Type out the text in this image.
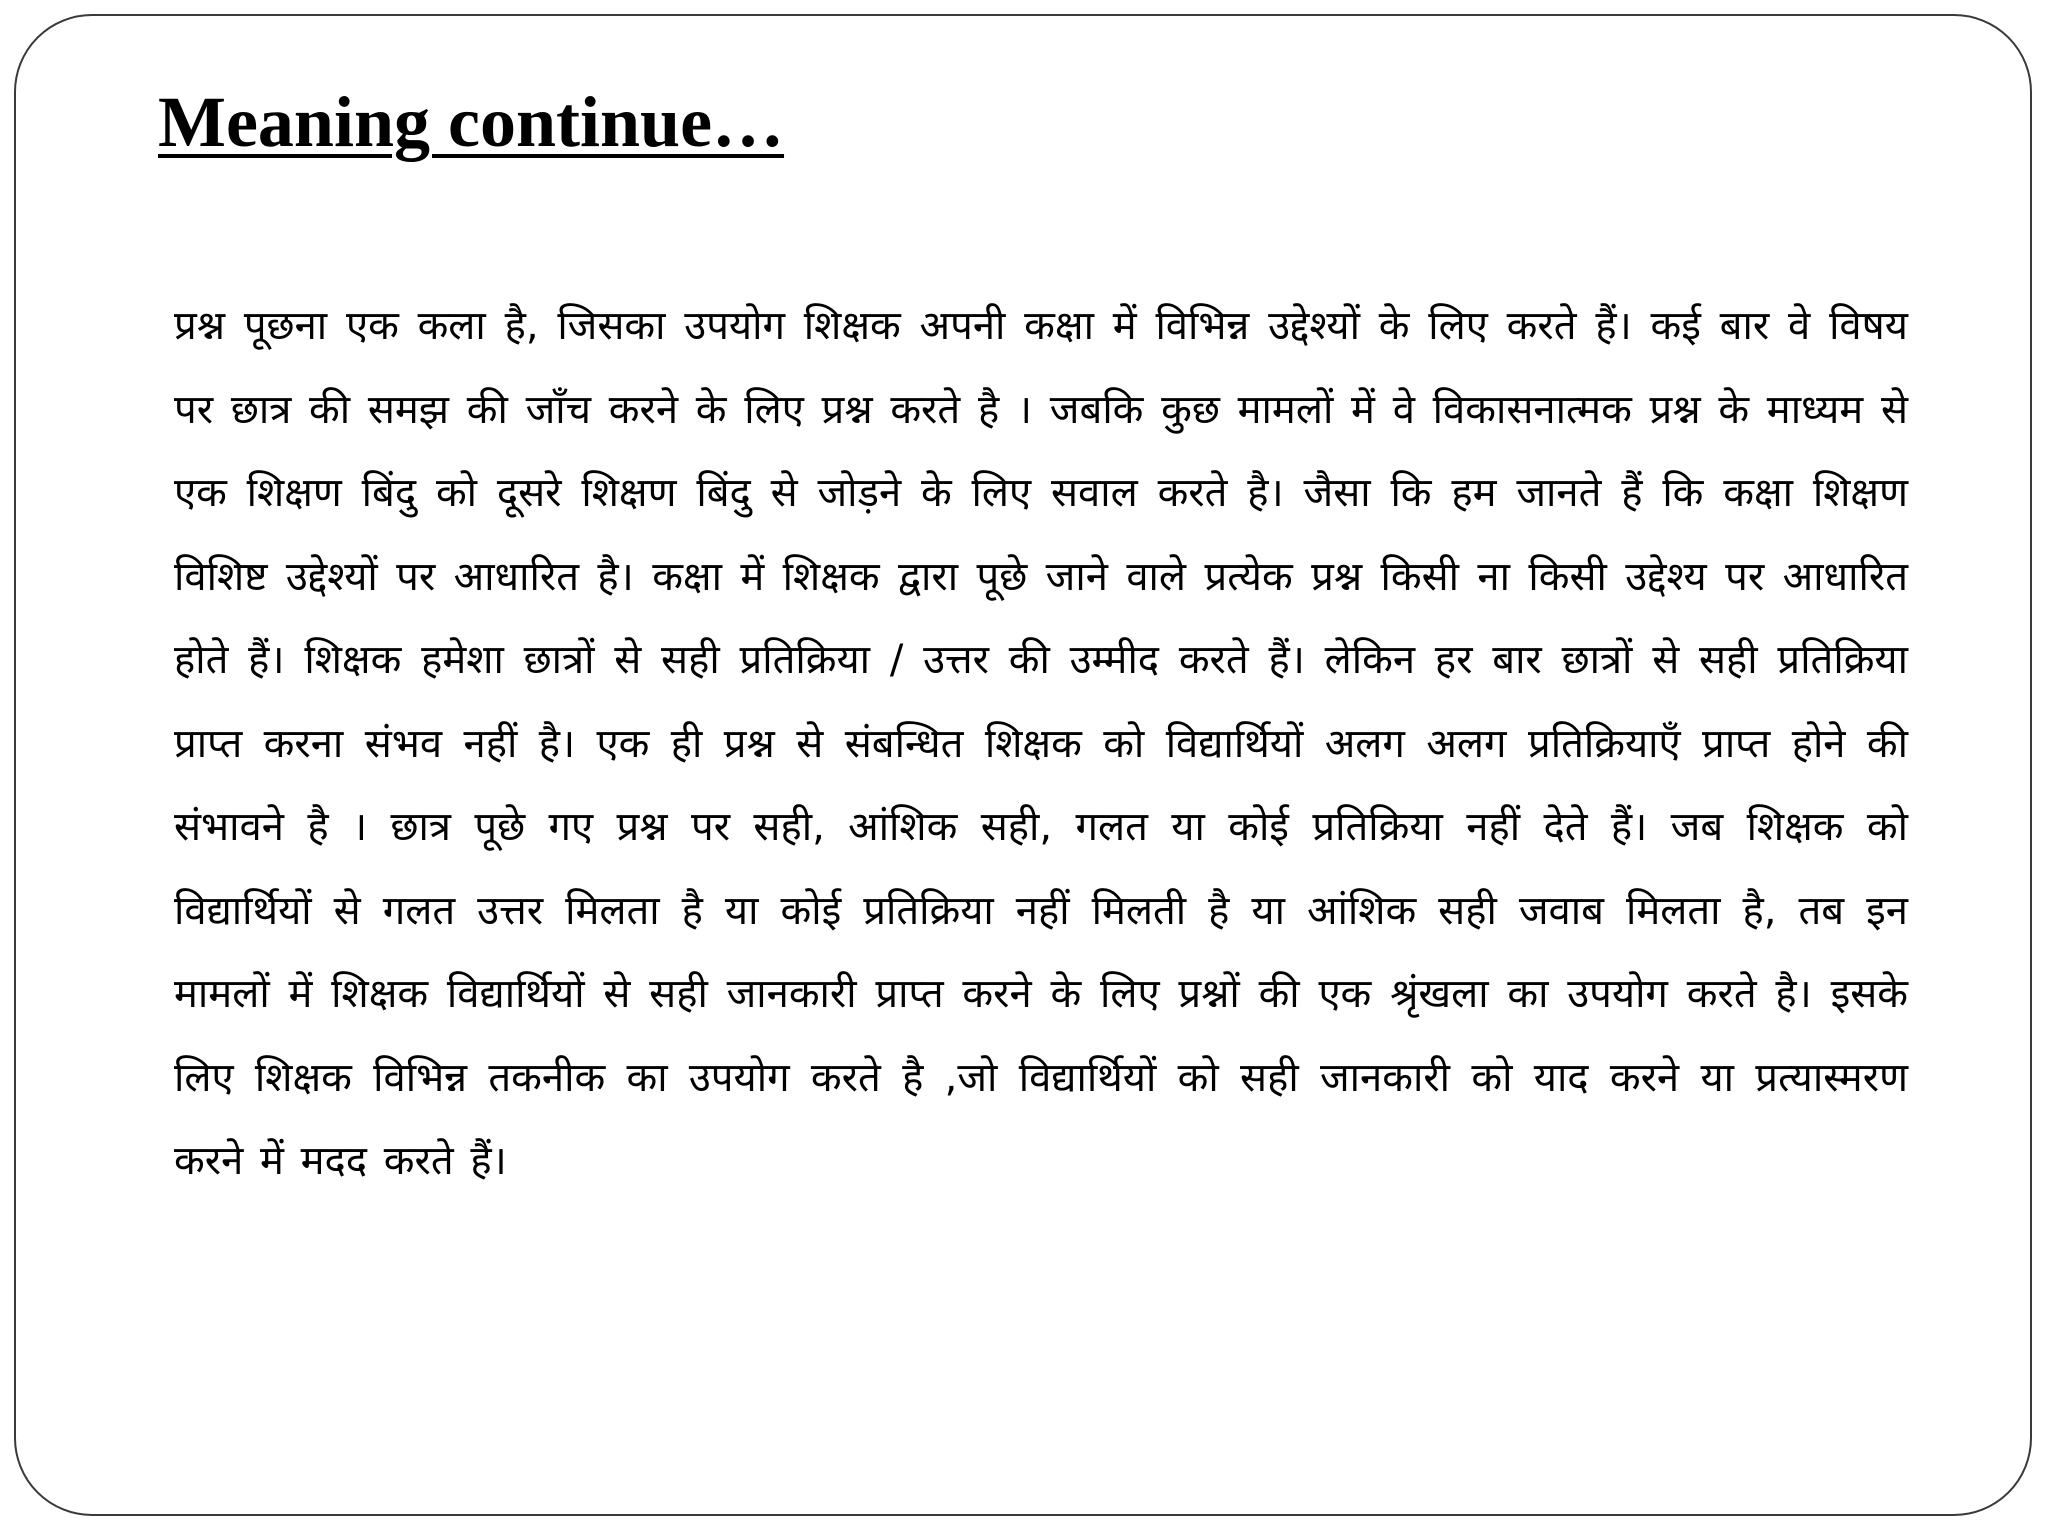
Meaning continue…

प्रश्न पूछना एक कला है, जिसका उपयोग शिक्षक अपनी कक्षा में विभिन्न उद्देश्यों के लिए करते हैं। कई बार वे विषय पर छात्र की समझ की जाँच करने के लिए प्रश्न करते है । जबकि कुछ मामलों में वे विकासनात्मक प्रश्न के माध्यम से एक शिक्षण बिंदु को दूसरे शिक्षण बिंदु से जोड़ने के लिए सवाल करते है। जैसा कि हम जानते हैं कि कक्षा शिक्षण विशिष्ट उद्देश्यों पर आधारित है। कक्षा में शिक्षक द्वारा पूछे जाने वाले प्रत्येक प्रश्न किसी ना किसी उद्देश्य पर आधारित होते हैं। शिक्षक हमेशा छात्रों से सही प्रतिक्रिया / उत्तर की उम्मीद करते हैं। लेकिन हर बार छात्रों से सही प्रतिक्रिया प्राप्त करना संभव नहीं है। एक ही प्रश्न से संबन्धित शिक्षक को विद्यार्थियों अलग अलग प्रतिक्रियाएँ प्राप्त होने की संभावने है । छात्र पूछे गए प्रश्न पर सही, आंशिक सही, गलत या कोई प्रतिक्रिया नहीं देते हैं। जब शिक्षक को विद्यार्थियों से गलत उत्तर मिलता है या कोई प्रतिक्रिया नहीं मिलती है या आंशिक सही जवाब मिलता है, तब इन मामलों में शिक्षक विद्यार्थियों से सही जानकारी प्राप्त करने के लिए प्रश्नों की एक श्रृंखला का उपयोग करते है। इसके लिए शिक्षक विभिन्न तकनीक का उपयोग करते है ,जो विद्यार्थियों को सही जानकारी को याद करने या प्रत्यास्मरण करने में मदद करते हैं।
